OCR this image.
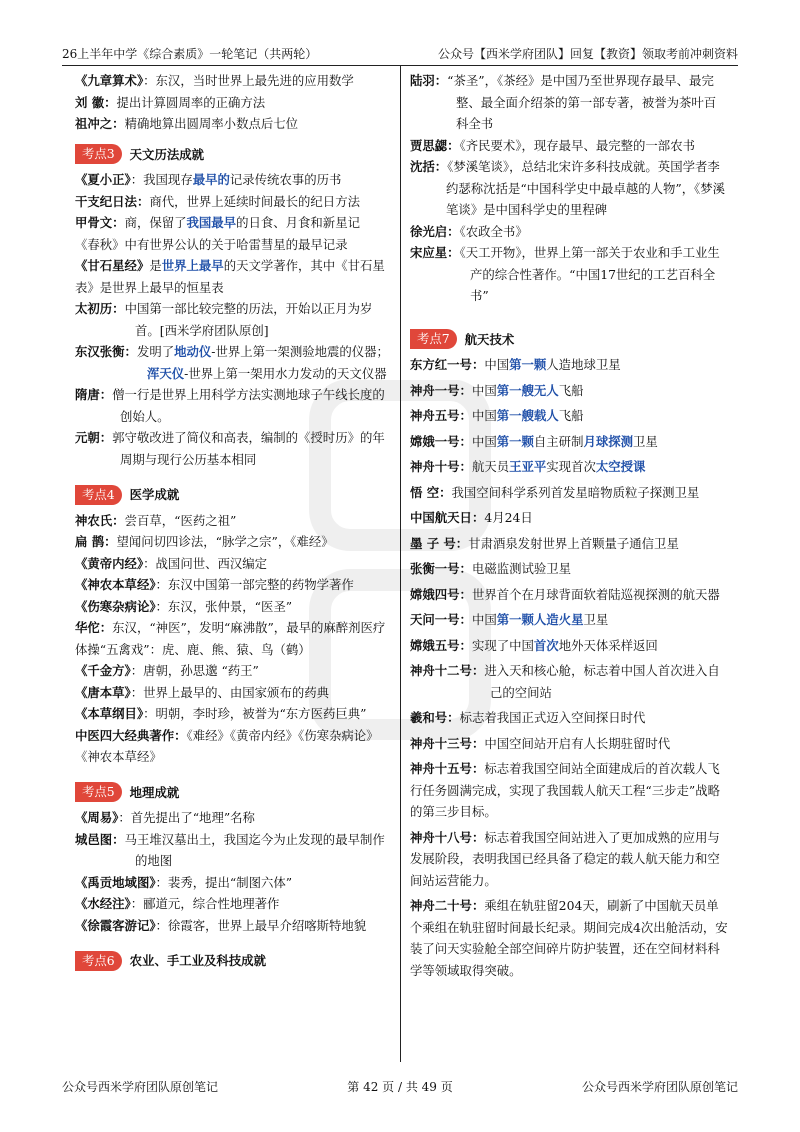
26上半年中学《综合素质》一轮笔记（共两轮）	公众号【西米学府团队】回复【教资】领取考前冲刺资料

《九章算术》：东汉，当时世界上最先进的应用数学

刘 徽：提出计算圆周率的正确方法

祖冲之：精确地算出圆周率小数点后七位

考点3	天文历法成就

《夏小正》：我国现存最早的记录传统农事的历书

干支纪日法：商代，世界上延续时间最长的纪日方法

甲骨文：商，保留了我国最早的日食、月食和新星记

《春秋》中有世界公认的关于哈雷彗星的最早记录

《甘石星经》是世界上最早的天文学著作，其中《甘石星表》是世界上最早的恒星表

太初历：中国第一部比较完整的历法，开始以正月为岁首。[西米学府团队原创]

东汉张衡：发明了地动仪-世界上第一架测验地震的仪器；浑天仪-世界上第一架用水力发动的天文仪器

隋唐：僧一行是世界上用科学方法实测地球子午线长度的创始人。

元朝：郭守敬改进了简仪和高表，编制的《授时历》的年周期与现行公历基本相同

考点4	医学成就

神农氏：尝百草，“医药之祖”

扁 鹊：望闻问切四诊法，“脉学之宗”，《难经》

《黄帝内经》：战国问世、西汉编定

《神农本草经》：东汉中国第一部完整的药物学著作

《伤寒杂病论》：东汉，张仲景，“医圣”

华佗：东汉，“神医”，发明“麻沸散”，最早的麻醉剂医疗体操“五禽戏”：虎、鹿、熊、猿、鸟（鹤）

《千金方》：唐朝，孙思邈 “药王”

《唐本草》：世界上最早的、由国家颁布的药典

《本草纲目》：明朝，李时珍，被誉为“东方医药巨典”

中医四大经典著作：《难经》《黄帝内经》《伤寒杂病论》《神农本草经》

考点5	地理成就

《周易》：首先提出了“地理”名称

城邑图：马王堆汉墓出土，我国迄今为止发现的最早制作的地图

《禹贡地域图》：裴秀，提出“制图六体”

《水经注》：郦道元，综合性地理著作

《徐霞客游记》：徐霞客，世界上最早介绍喀斯特地貌

考点6	农业、手工业及科技成就

陆羽：“茶圣”，《茶经》是中国乃至世界现存最早、最完整、最全面介绍茶的第一部专著，被誉为茶叶百科全书

贾思勰：《齐民要术》，现存最早、最完整的一部农书

沈括：《梦溪笔谈》，总结北宋许多科技成就。英国学者李约瑟称沈括是“中国科学史中最卓越的人物”，《梦溪笔谈》是中国科学史的里程碑

徐光启：《农政全书》

宋应星：《天工开物》，世界上第一部关于农业和手工业生产的综合性著作。“中国17世纪的工艺百科全书”

考点7	航天技术

东方红一号：中国第一颗人造地球卫星

神舟一号：中国第一艘无人飞船

神舟五号：中国第一艘载人飞船

嫦娥一号：中国第一颗自主研制月球探测卫星

神舟十号：航天员王亚平实现首次太空授课

悟 空：我国空间科学系列首发星暗物质粒子探测卫星

中国航天日：4月24日

墨 子 号：甘肃酒泉发射世界上首颗量子通信卫星

张衡一号：电磁监测试验卫星

嫦娥四号：世界首个在月球背面软着陆巡视探测的航天器

天问一号：中国第一颗人造火星卫星

嫦娥五号：实现了中国首次地外天体采样返回

神舟十二号：进入天和核心舱，标志着中国人首次进入自己的空间站

羲和号：标志着我国正式迈入空间探日时代

神舟十三号：中国空间站开启有人长期驻留时代

神舟十五号：标志着我国空间站全面建成后的首次载人飞行任务圆满完成，实现了我国载人航天工程“三步走”战略的第三步目标。

神舟十八号：标志着我国空间站进入了更加成熟的应用与发展阶段，表明我国已经具备了稳定的载人航天能力和空间站运营能力。

神舟二十号：乘组在轨驻留204天，刷新了中国航天员单个乘组在轨驻留时间最长纪录。期间完成4次出舱活动，安装了问天实验舱全部空间碎片防护装置，还在空间材料科学等领域取得突破。

公众号西米学府团队原创笔记	第 42 页 / 共 49 页	公众号西米学府团队原创笔记
